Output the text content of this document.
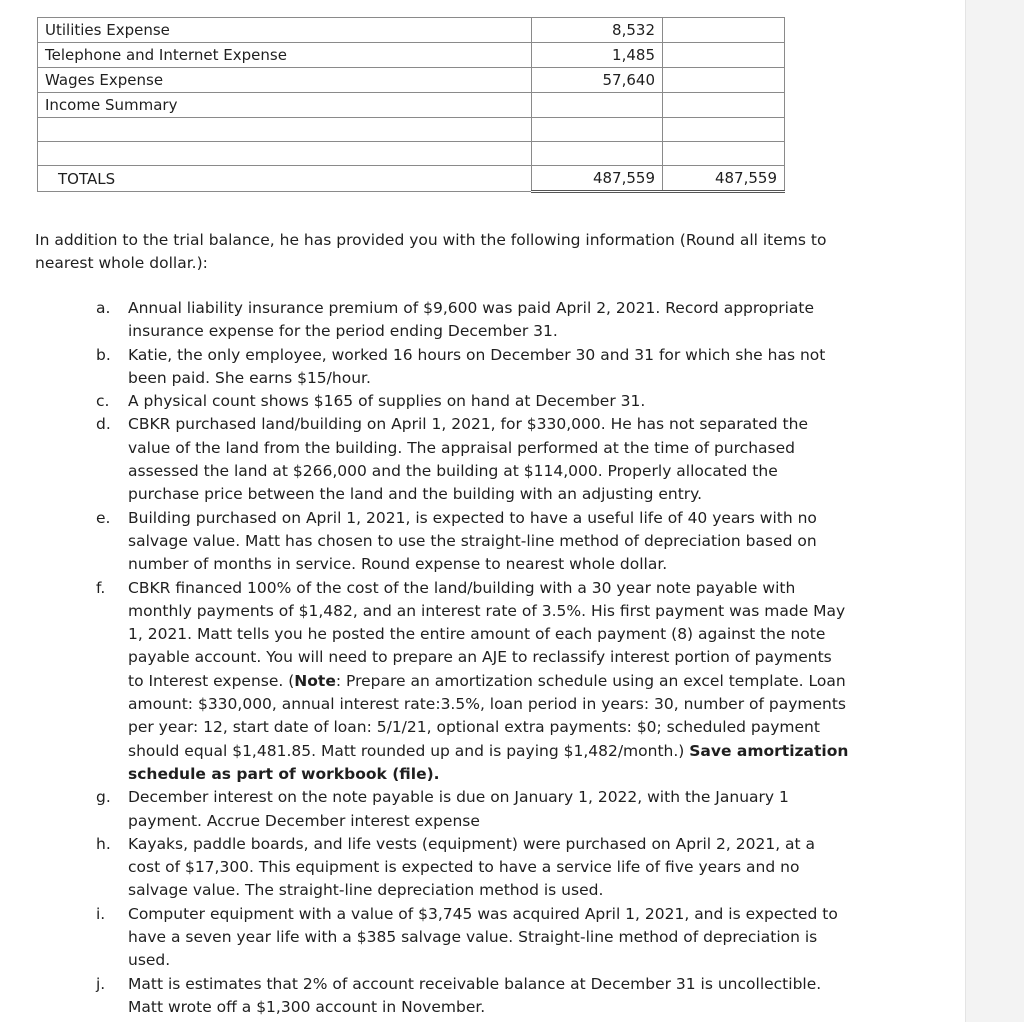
Utilities Expense	8,532	
Telephone and Internet Expense	1,485	
Wages Expense	57,640	
Income Summary		

TOTALS	487,559	487,559

In addition to the trial balance, he has provided you with the following information (Round all items to nearest whole dollar.):

a.	Annual liability insurance premium of $9,600 was paid April 2, 2021. Record appropriate insurance expense for the period ending December 31.
b.	Katie, the only employee, worked 16 hours on December 30 and 31 for which she has not been paid. She earns $15/hour.
c.	A physical count shows $165 of supplies on hand at December 31.
d.	CBKR purchased land/building on April 1, 2021, for $330,000. He has not separated the value of the land from the building. The appraisal performed at the time of purchased assessed the land at $266,000 and the building at $114,000. Properly allocated the purchase price between the land and the building with an adjusting entry.
e.	Building purchased on April 1, 2021, is expected to have a useful life of 40 years with no salvage value. Matt has chosen to use the straight-line method of depreciation based on number of months in service. Round expense to nearest whole dollar.
f.	CBKR financed 100% of the cost of the land/building with a 30 year note payable with monthly payments of $1,482, and an interest rate of 3.5%. His first payment was made May 1, 2021. Matt tells you he posted the entire amount of each payment (8) against the note payable account. You will need to prepare an AJE to reclassify interest portion of payments to Interest expense. (Note: Prepare an amortization schedule using an excel template. Loan amount: $330,000, annual interest rate:3.5%, loan period in years: 30, number of payments per year: 12, start date of loan: 5/1/21, optional extra payments: $0; scheduled payment should equal $1,481.85. Matt rounded up and is paying $1,482/month.) Save amortization schedule as part of workbook (file).
g.	December interest on the note payable is due on January 1, 2022, with the January 1 payment. Accrue December interest expense
h.	Kayaks, paddle boards, and life vests (equipment) were purchased on April 2, 2021, at a cost of $17,300. This equipment is expected to have a service life of five years and no salvage value. The straight-line depreciation method is used.
i.	Computer equipment with a value of $3,745 was acquired April 1, 2021, and is expected to have a seven year life with a $385 salvage value. Straight-line method of depreciation is used.
j.	Matt is estimates that 2% of account receivable balance at December 31 is uncollectible. Matt wrote off a $1,300 account in November.
